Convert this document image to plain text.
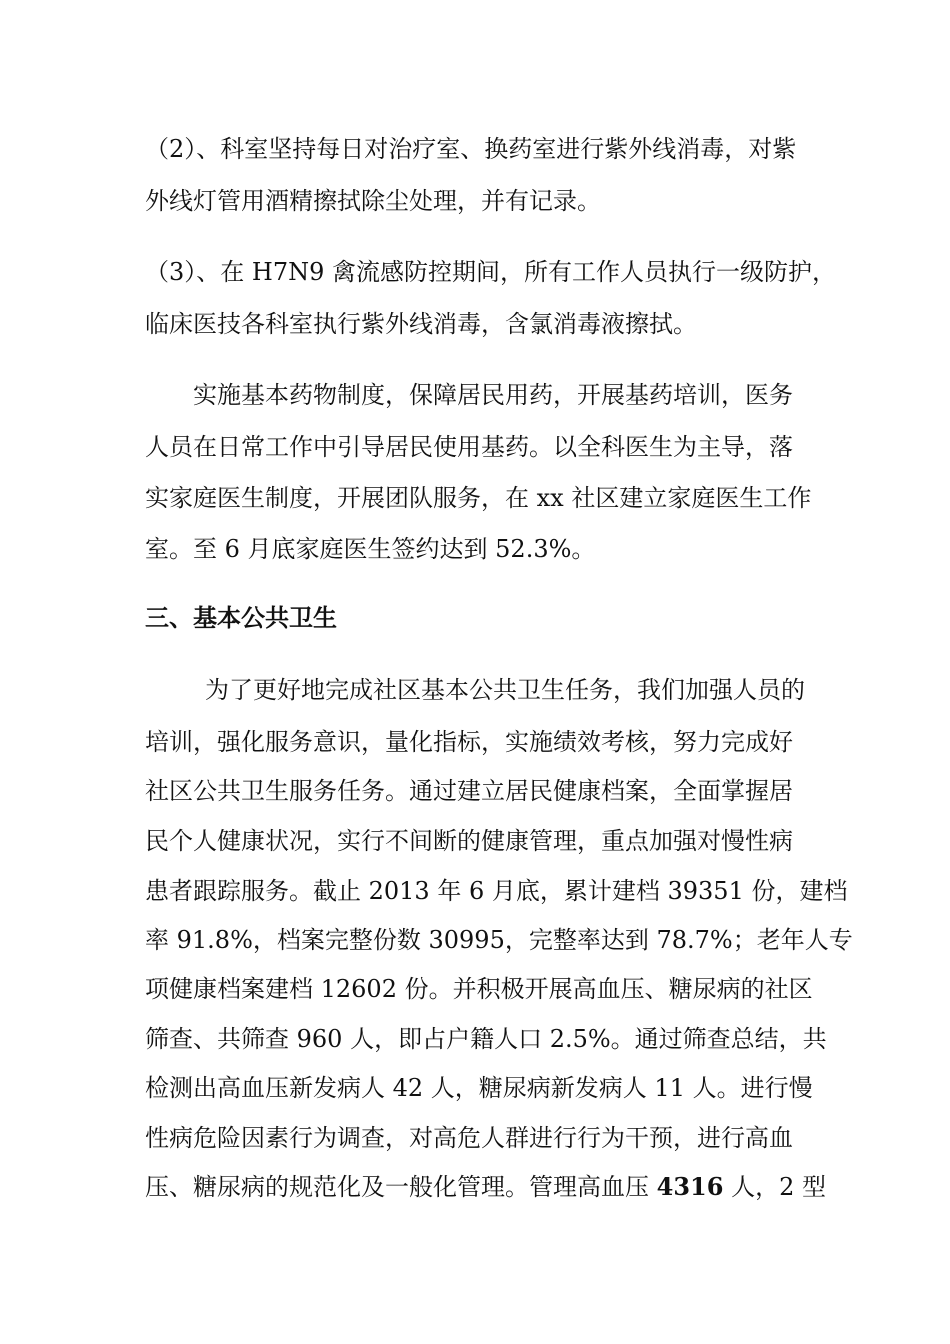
（2）、科室坚持每日对治疗室、换药室进行紫外线消毒，对紫
外线灯管用酒精擦拭除尘处理，并有记录。
（3）、在 H7N9 禽流感防控期间，所有工作人员执行一级防护，
临床医技各科室执行紫外线消毒，含氯消毒液擦拭。
实施基本药物制度，保障居民用药，开展基药培训，医务
人员在日常工作中引导居民使用基药。以全科医生为主导，落
实家庭医生制度，开展团队服务，在 xx 社区建立家庭医生工作
室。至 6 月底家庭医生签约达到 52.3%。
三、基本公共卫生
为了更好地完成社区基本公共卫生任务，我们加强人员的
培训，强化服务意识，量化指标，实施绩效考核，努力完成好
社区公共卫生服务任务。通过建立居民健康档案，全面掌握居
民个人健康状况，实行不间断的健康管理，重点加强对慢性病
患者跟踪服务。截止 2013 年 6 月底，累计建档 39351 份，建档
率 91.8%，档案完整份数 30995，完整率达到 78.7%；老年人专
项健康档案建档 12602 份。并积极开展高血压、糖尿病的社区
筛查、共筛查 960 人，即占户籍人口 2.5%。通过筛查总结，共
检测出高血压新发病人 42 人，糖尿病新发病人 11 人。进行慢
性病危险因素行为调查，对高危人群进行行为干预，进行高血
压、糖尿病的规范化及一般化管理。管理高血压 4316 人，2 型
